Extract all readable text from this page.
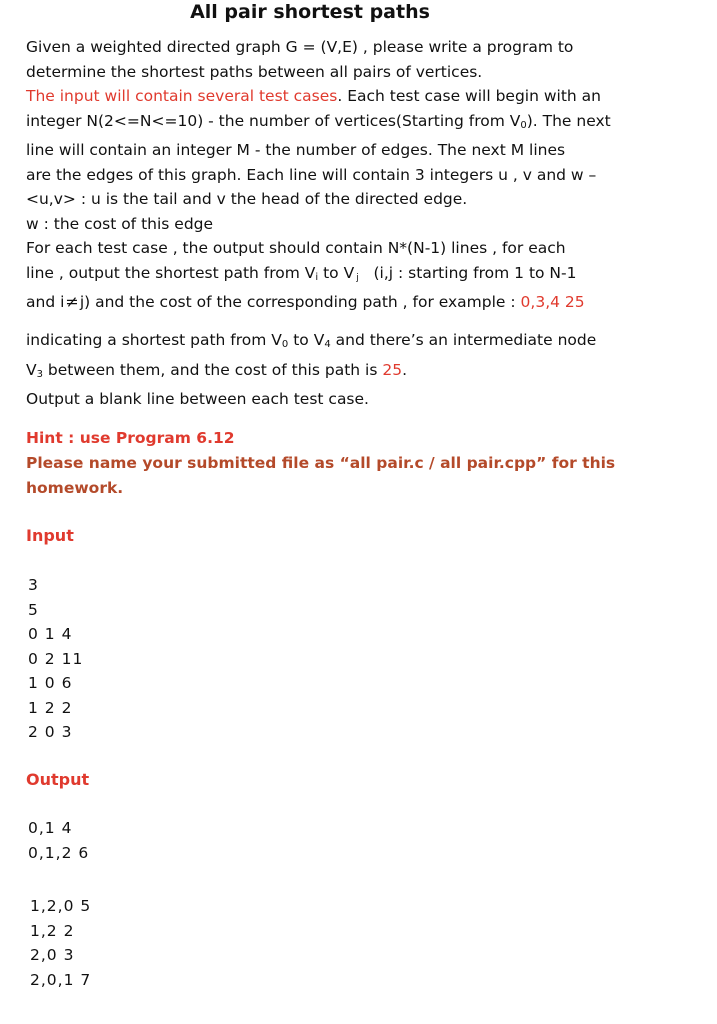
All pair shortest paths
Given a weighted directed graph G = (V,E) , please write a program to
determine the shortest paths between all pairs of vertices.
The input will contain several test cases. Each test case will begin with an
integer N(2<=N<=10) - the number of vertices(Starting from $V_0$). The next
line will contain an integer M - the number of edges. The next M lines
are the edges of this graph. Each line will contain 3 integers u , v and w –
<u,v> : u is the tail and v the head of the directed edge.
w : the cost of this edge
For each test case , the output should contain N*(N-1) lines , for each
line , output the shortest path from $V_i$ to V j   (i,j : starting from 1 to N-1
and i≠j) and the cost of the corresponding path , for example : 0,3,4 25
indicating a shortest path from $V_0$ to $V_4$ and there’s an intermediate node
$V_3$ between them, and the cost of this path is 25.
Output a blank line between each test case.
Hint : use Program 6.12
Please name your submitted file as “all pair.c / all pair.cpp” for this
homework.
Input
3
5
0 1 4
0 2 11
1 0 6
1 2 2
2 0 3
Output
0,1 4
0,1,2 6
1,2,0 5
1,2 2
2,0 3
2,0,1 7
